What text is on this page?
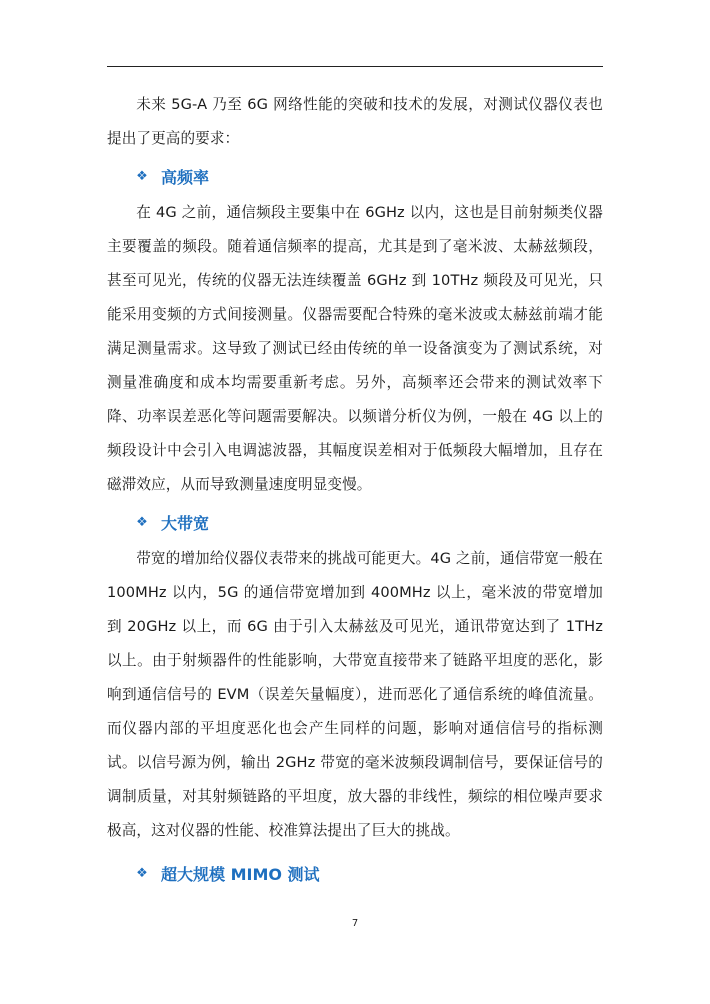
未来 5G-A 乃至 6G 网络性能的突破和技术的发展，对测试仪器仪表也提出了更高的要求：

❖ 高频率

在 4G 之前，通信频段主要集中在 6GHz 以内，这也是目前射频类仪器主要覆盖的频段。随着通信频率的提高，尤其是到了毫米波、太赫兹频段，甚至可见光，传统的仪器无法连续覆盖 6GHz 到 10THz 频段及可见光，只能采用变频的方式间接测量。仪器需要配合特殊的毫米波或太赫兹前端才能满足测量需求。这导致了测试已经由传统的单一设备演变为了测试系统，对测量准确度和成本均需要重新考虑。另外，高频率还会带来的测试效率下降、功率误差恶化等问题需要解决。以频谱分析仪为例，一般在 4G 以上的频段设计中会引入电调滤波器，其幅度误差相对于低频段大幅增加，且存在磁滞效应，从而导致测量速度明显变慢。

❖ 大带宽

带宽的增加给仪器仪表带来的挑战可能更大。4G 之前，通信带宽一般在 100MHz 以内，5G 的通信带宽增加到 400MHz 以上，毫米波的带宽增加到 20GHz 以上，而 6G 由于引入太赫兹及可见光，通讯带宽达到了 1THz 以上。由于射频器件的性能影响，大带宽直接带来了链路平坦度的恶化，影响到通信信号的 EVM（误差矢量幅度），进而恶化了通信系统的峰值流量。而仪器内部的平坦度恶化也会产生同样的问题，影响对通信信号的指标测试。以信号源为例，输出 2GHz 带宽的毫米波频段调制信号，要保证信号的调制质量，对其射频链路的平坦度，放大器的非线性，频综的相位噪声要求极高，这对仪器的性能、校准算法提出了巨大的挑战。

❖ 超大规模 MIMO 测试
7
